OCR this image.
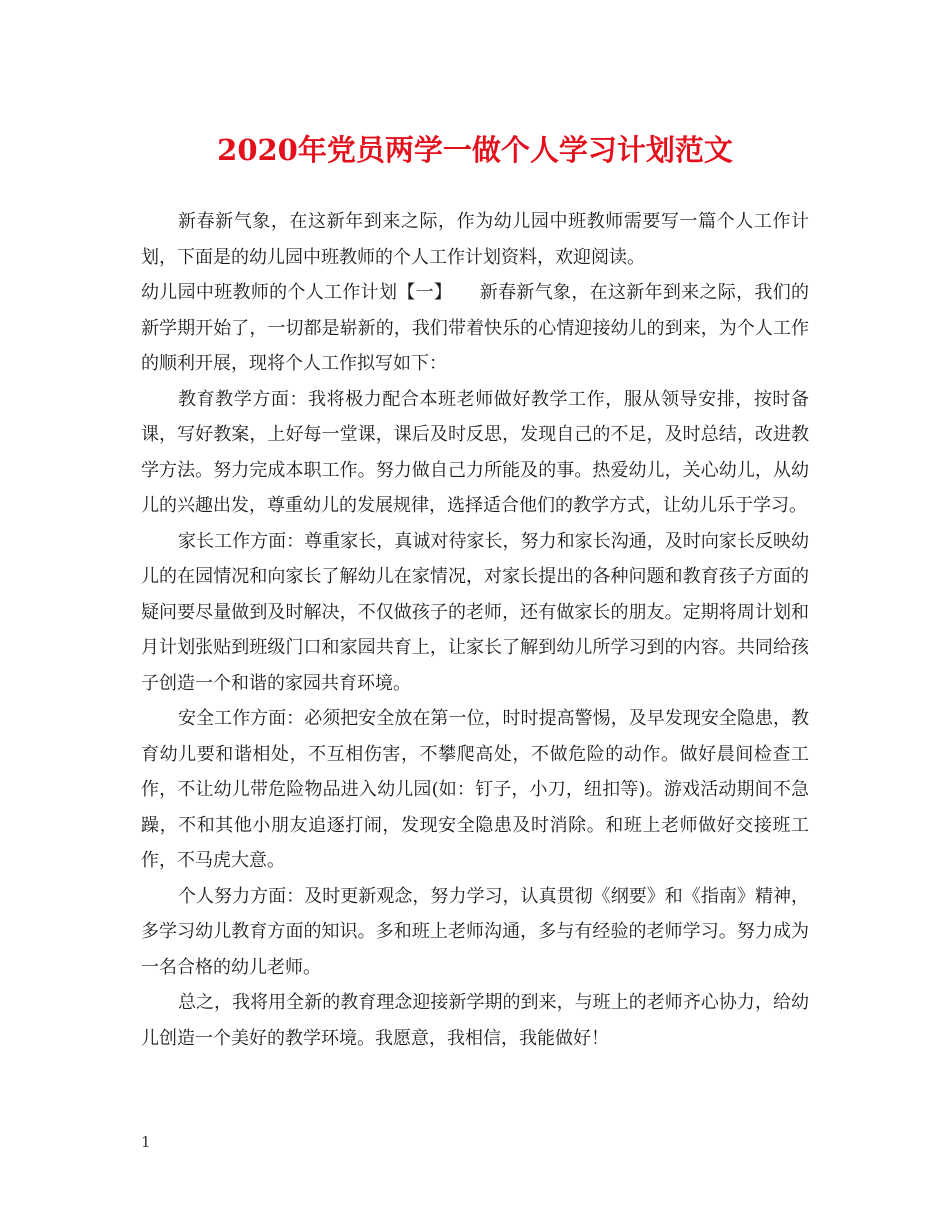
2020年党员两学一做个人学习计划范文

新春新气象，在这新年到来之际，作为幼儿园中班教师需要写一篇个人工作计划，下面是的幼儿园中班教师的个人工作计划资料，欢迎阅读。

幼儿园中班教师的个人工作计划【一】　　新春新气象，在这新年到来之际，我们的新学期开始了，一切都是崭新的，我们带着快乐的心情迎接幼儿的到来，为个人工作的顺利开展，现将个人工作拟写如下：

教育教学方面：我将极力配合本班老师做好教学工作，服从领导安排，按时备课，写好教案，上好每一堂课，课后及时反思，发现自己的不足，及时总结，改进教学方法。努力完成本职工作。努力做自己力所能及的事。热爱幼儿，关心幼儿，从幼儿的兴趣出发，尊重幼儿的发展规律，选择适合他们的教学方式，让幼儿乐于学习。

家长工作方面：尊重家长，真诚对待家长，努力和家长沟通，及时向家长反映幼儿的在园情况和向家长了解幼儿在家情况，对家长提出的各种问题和教育孩子方面的疑问要尽量做到及时解决，不仅做孩子的老师，还有做家长的朋友。定期将周计划和月计划张贴到班级门口和家园共育上，让家长了解到幼儿所学习到的内容。共同给孩子创造一个和谐的家园共育环境。

安全工作方面：必须把安全放在第一位，时时提高警惕，及早发现安全隐患，教育幼儿要和谐相处，不互相伤害，不攀爬高处，不做危险的动作。做好晨间检查工作，不让幼儿带危险物品进入幼儿园(如：钉子，小刀，纽扣等)。游戏活动期间不急躁，不和其他小朋友追逐打闹，发现安全隐患及时消除。和班上老师做好交接班工作，不马虎大意。

个人努力方面：及时更新观念，努力学习，认真贯彻《纲要》和《指南》精神，多学习幼儿教育方面的知识。多和班上老师沟通，多与有经验的老师学习。努力成为一名合格的幼儿老师。

总之，我将用全新的教育理念迎接新学期的到来，与班上的老师齐心协力，给幼儿创造一个美好的教学环境。我愿意，我相信，我能做好！

1
